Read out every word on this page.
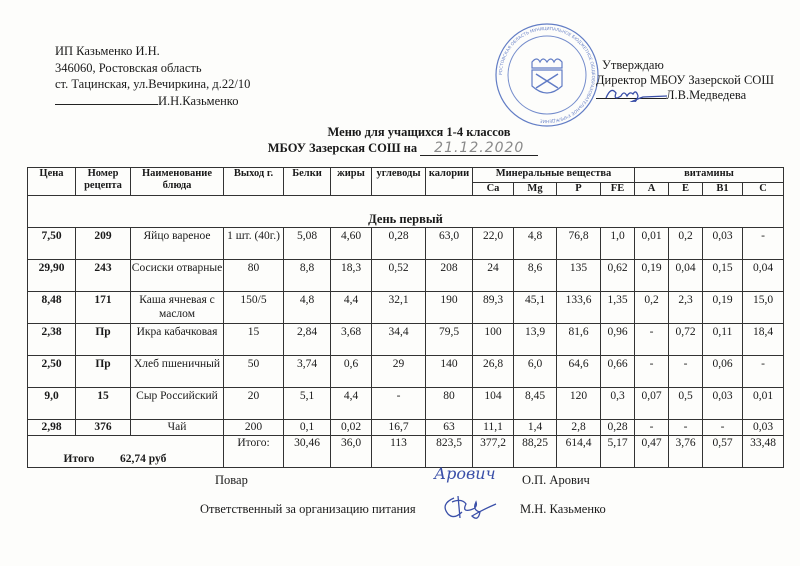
ИП Казьменко И.Н.
346060, Ростовская область
ст. Тацинская, ул.Вечиркина, д.22/10
И.Н.Казьменко
РОСТОВСКАЯ ОБЛАСТЬ МУНИЦИПАЛЬНОЕ БЮДЖЕТНОЕ ОБЩЕОБРАЗОВАТЕЛЬНОЕ УЧРЕЖДЕНИЕ
Утверждаю
Директор МБОУ Зазерской СОШ
Л.В.Медведева
Меню для учащихся 1-4 классов
МБОУ Зазерская СОШ на 21.12.2020
Цена	Номер рецепта	Наименование блюда	Выход г.	Белки	жиры	углеводы	калории	Минеральные вещества				витамины			
								Ca	Mg	P	FE	A	E	B1	C
День первый															
7,50	209	Яйцо вареное	1 шт. (40г.)	5,08	4,60	0,28	63,0	22,0	4,8	76,8	1,0	0,01	0,2	0,03	-
29,90	243	Сосиски отварные	80	8,8	18,3	0,52	208	24	8,6	135	0,62	0,19	0,04	0,15	0,04
8,48	171	Каша ячневая с маслом	150/5	4,8	4,4	32,1	190	89,3	45,1	133,6	1,35	0,2	2,3	0,19	15,0
2,38	Пр	Икра кабачковая	15	2,84	3,68	34,4	79,5	100	13,9	81,6	0,96	-	0,72	0,11	18,4
2,50	Пр	Хлеб пшеничный	50	3,74	0,6	29	140	26,8	6,0	64,6	0,66	-	-	0,06	-
9,0	15	Сыр Российский	20	5,1	4,4	-	80	104	8,45	120	0,3	0,07	0,5	0,03	0,01
2,98	376	Чай	200	0,1	0,02	16,7	63	11,1	1,4	2,8	0,28	-	-	-	0,03
Итого 62,74 руб			Итого:	30,46	36,0	113	823,5	377,2	88,25	614,4	5,17	0,47	3,76	0,57	33,48
Повар	Арович О.П. Арович
Ответственный за организацию питания	М.Н. Казьменко
